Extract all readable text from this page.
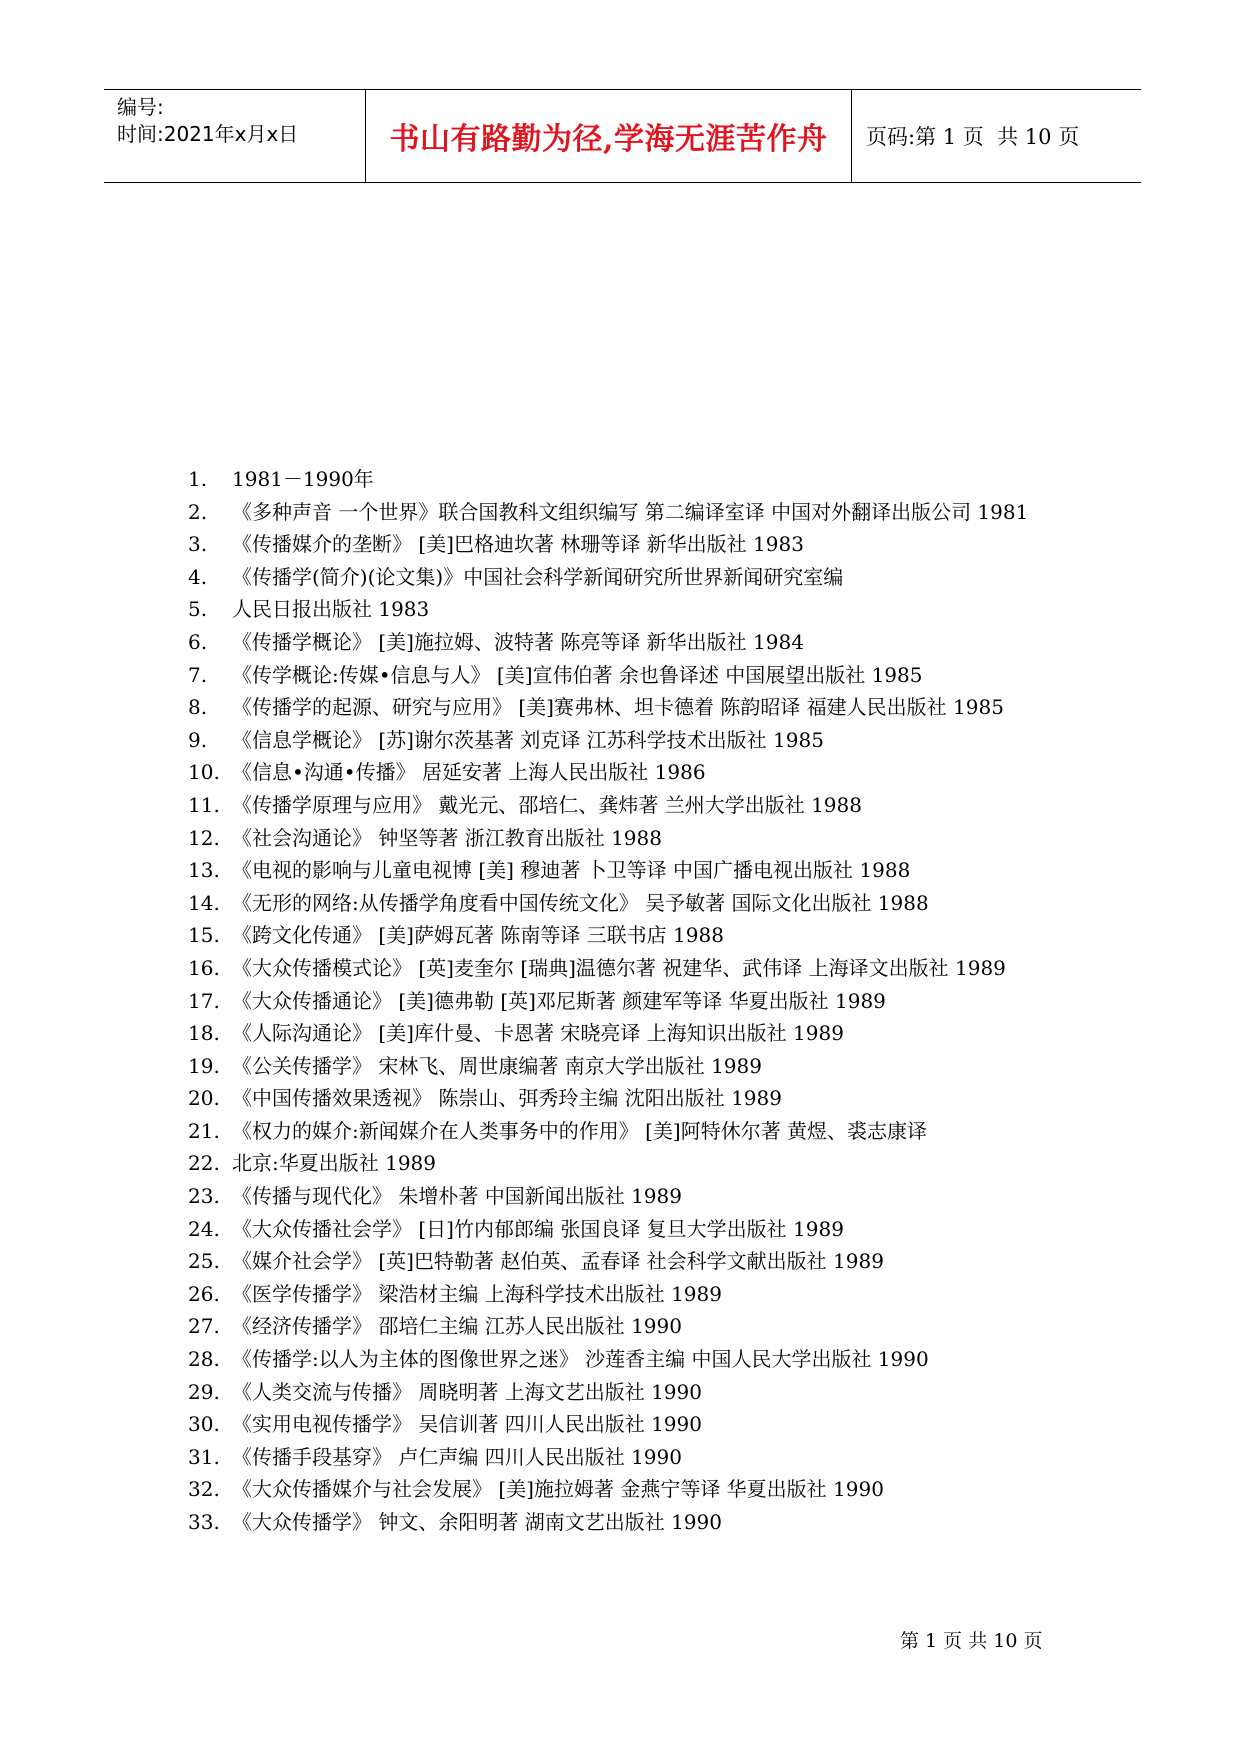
编号:
时间:2021年x月x日	书山有路勤为径,学海无涯苦作舟	页码:第 1 页  共 10 页
1. 1981－1990年
2. 《多种声音 一个世界》联合国教科文组织编写 第二编译室译 中国对外翻译出版公司 1981
3. 《传播媒介的垄断》 [美]巴格迪坎著 林珊等译 新华出版社 1983
4. 《传播学(简介)(论文集)》中国社会科学新闻研究所世界新闻研究室编
5. 人民日报出版社 1983
6. 《传播学概论》 [美]施拉姆、波特著 陈亮等译 新华出版社 1984
7. 《传学概论:传媒•信息与人》 [美]宣伟伯著 余也鲁译述 中国展望出版社 1985
8. 《传播学的起源、研究与应用》 [美]赛弗林、坦卡德着 陈韵昭译 福建人民出版社 1985
9. 《信息学概论》 [苏]谢尔茨基著 刘克译 江苏科学技术出版社 1985
10. 《信息•沟通•传播》 居延安著 上海人民出版社 1986
11. 《传播学原理与应用》 戴光元、邵培仁、龚炜著 兰州大学出版社 1988
12. 《社会沟通论》 钟坚等著 浙江教育出版社 1988
13. 《电视的影响与儿童电视博 [美] 穆迪著 卜卫等译 中国广播电视出版社 1988
14. 《无形的网络:从传播学角度看中国传统文化》 吴予敏著 国际文化出版社 1988
15. 《跨文化传通》 [美]萨姆瓦著 陈南等译 三联书店 1988
16. 《大众传播模式论》 [英]麦奎尔 [瑞典]温德尔著 祝建华、武伟译 上海译文出版社 1989
17. 《大众传播通论》 [美]德弗勒 [英]邓尼斯著 颜建军等译 华夏出版社 1989
18. 《人际沟通论》 [美]库什曼、卡恩著 宋晓亮译 上海知识出版社 1989
19. 《公关传播学》 宋林飞、周世康编著 南京大学出版社 1989
20. 《中国传播效果透视》 陈崇山、弭秀玲主编 沈阳出版社 1989
21. 《权力的媒介:新闻媒介在人类事务中的作用》 [美]阿特休尔著 黄煜、裘志康译
22. 北京:华夏出版社 1989
23. 《传播与现代化》 朱增朴著 中国新闻出版社 1989
24. 《大众传播社会学》 [日]竹内郁郎编 张国良译 复旦大学出版社 1989
25. 《媒介社会学》 [英]巴特勒著 赵伯英、孟春译 社会科学文献出版社 1989
26. 《医学传播学》 梁浩材主编 上海科学技术出版社 1989
27. 《经济传播学》 邵培仁主编 江苏人民出版社 1990
28. 《传播学:以人为主体的图像世界之迷》 沙莲香主编 中国人民大学出版社 1990
29. 《人类交流与传播》 周晓明著 上海文艺出版社 1990
30. 《实用电视传播学》 吴信训著 四川人民出版社 1990
31. 《传播手段基穿》 卢仁声编 四川人民出版社 1990
32. 《大众传播媒介与社会发展》 [美]施拉姆著 金燕宁等译 华夏出版社 1990
33. 《大众传播学》 钟文、余阳明著 湖南文艺出版社 1990
第 1 页 共 10 页
